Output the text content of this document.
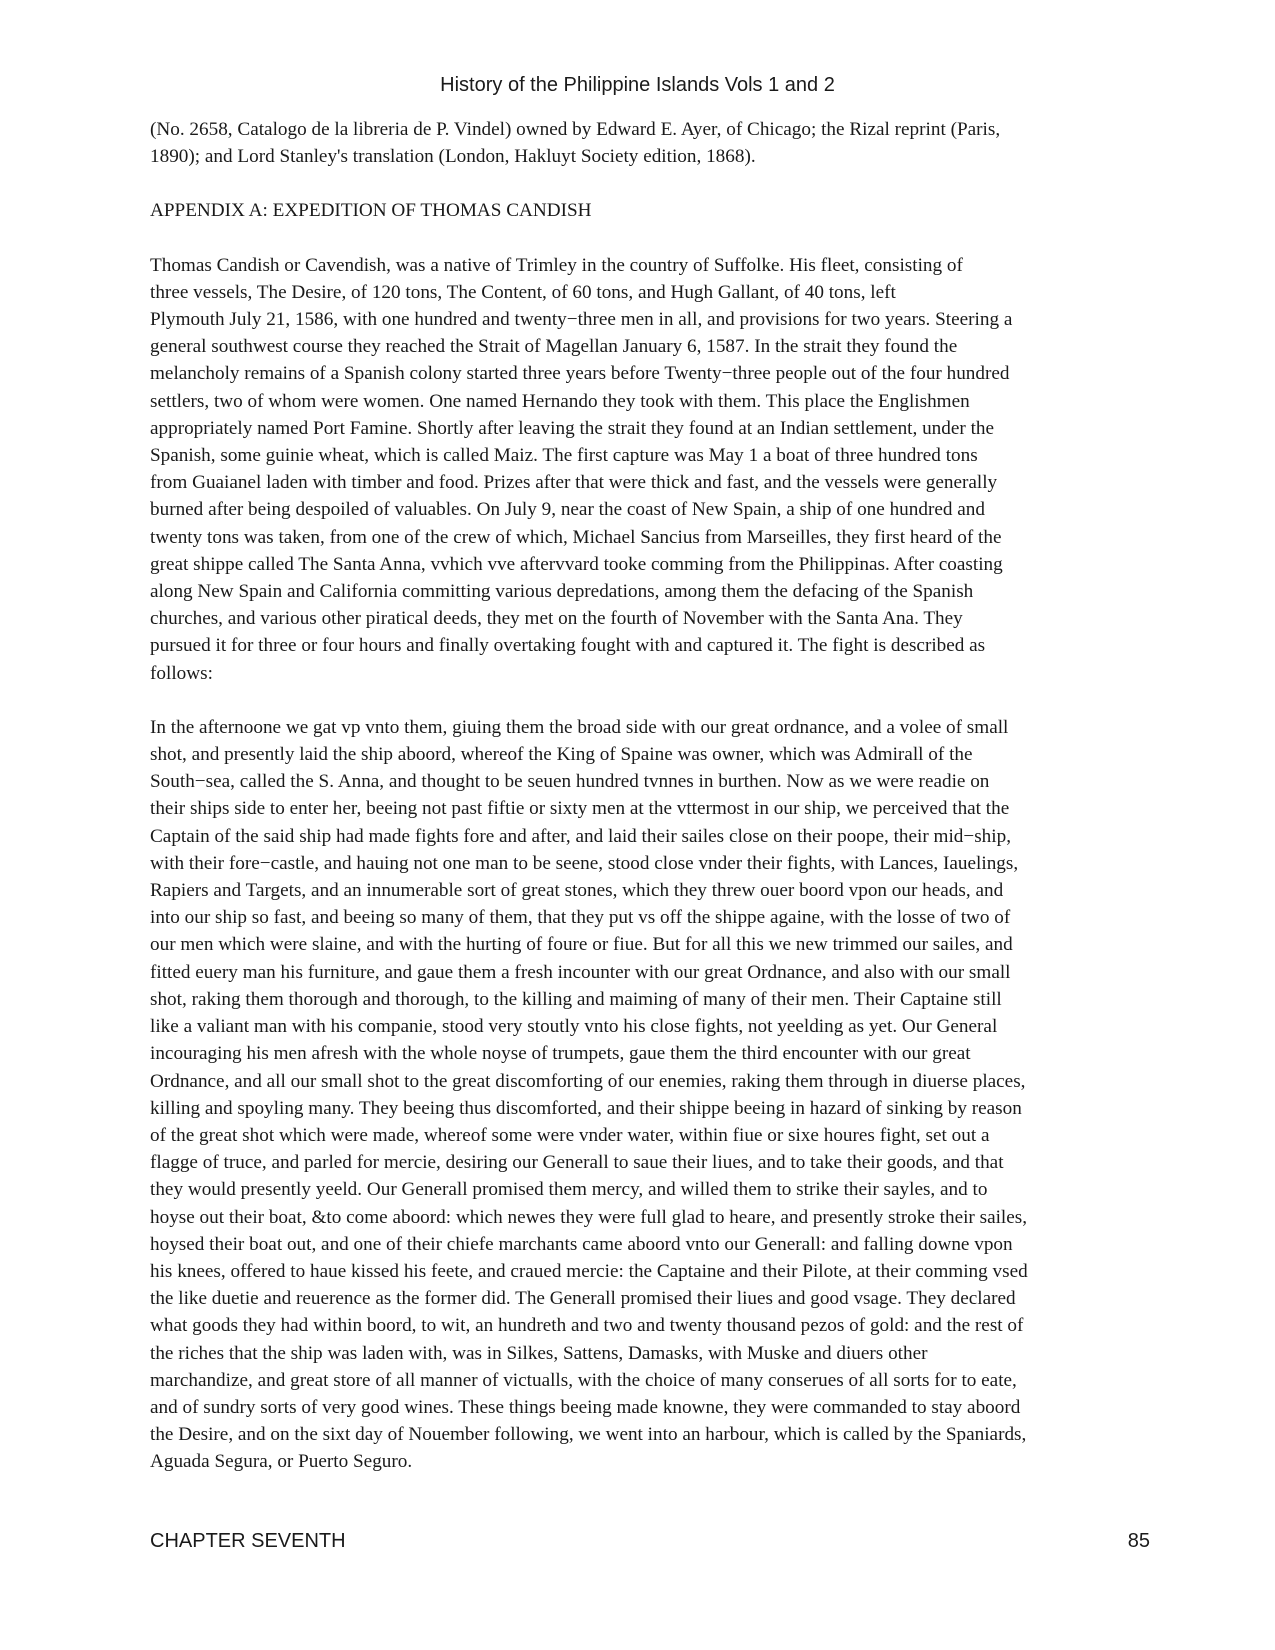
History of the Philippine Islands Vols 1 and 2

(No. 2658, Catalogo de la libreria de P. Vindel) owned by Edward E. Ayer, of Chicago; the Rizal reprint (Paris,
1890); and Lord Stanley's translation (London, Hakluyt Society edition, 1868).

APPENDIX A: EXPEDITION OF THOMAS CANDISH

Thomas Candish or Cavendish, was a native of Trimley in the country of Suffolke. His fleet, consisting of
three vessels, The Desire, of 120 tons, The Content, of 60 tons, and Hugh Gallant, of 40 tons, left
Plymouth July 21, 1586, with one hundred and twenty−three men in all, and provisions for two years. Steering a
general southwest course they reached the Strait of Magellan January 6, 1587. In the strait they found the
melancholy remains of a Spanish colony started three years before Twenty−three people out of the four hundred
settlers, two of whom were women. One named Hernando they took with them. This place the Englishmen
appropriately named Port Famine. Shortly after leaving the strait they found at an Indian settlement, under the
Spanish, some guinie wheat, which is called Maiz. The first capture was May 1 a boat of three hundred tons
from Guaianel laden with timber and food. Prizes after that were thick and fast, and the vessels were generally
burned after being despoiled of valuables. On July 9, near the coast of New Spain, a ship of one hundred and
twenty tons was taken, from one of the crew of which, Michael Sancius from Marseilles, they first heard of the
great shippe called The Santa Anna, vvhich vve aftervvard tooke comming from the Philippinas. After coasting
along New Spain and California committing various depredations, among them the defacing of the Spanish
churches, and various other piratical deeds, they met on the fourth of November with the Santa Ana. They
pursued it for three or four hours and finally overtaking fought with and captured it. The fight is described as
follows:

In the afternoone we gat vp vnto them, giuing them the broad side with our great ordnance, and a volee of small
shot, and presently laid the ship aboord, whereof the King of Spaine was owner, which was Admirall of the
South−sea, called the S. Anna, and thought to be seuen hundred tvnnes in burthen. Now as we were readie on
their ships side to enter her, beeing not past fiftie or sixty men at the vttermost in our ship, we perceived that the
Captain of the said ship had made fights fore and after, and laid their sailes close on their poope, their mid−ship,
with their fore−castle, and hauing not one man to be seene, stood close vnder their fights, with Lances, Iauelings,
Rapiers and Targets, and an innumerable sort of great stones, which they threw ouer boord vpon our heads, and
into our ship so fast, and beeing so many of them, that they put vs off the shippe againe, with the losse of two of
our men which were slaine, and with the hurting of foure or fiue. But for all this we new trimmed our sailes, and
fitted euery man his furniture, and gaue them a fresh incounter with our great Ordnance, and also with our small
shot, raking them thorough and thorough, to the killing and maiming of many of their men. Their Captaine still
like a valiant man with his companie, stood very stoutly vnto his close fights, not yeelding as yet. Our General
incouraging his men afresh with the whole noyse of trumpets, gaue them the third encounter with our great
Ordnance, and all our small shot to the great discomforting of our enemies, raking them through in diuerse places,
killing and spoyling many. They beeing thus discomforted, and their shippe beeing in hazard of sinking by reason
of the great shot which were made, whereof some were vnder water, within fiue or sixe houres fight, set out a
flagge of truce, and parled for mercie, desiring our Generall to saue their liues, and to take their goods, and that
they would presently yeeld. Our Generall promised them mercy, and willed them to strike their sayles, and to
hoyse out their boat, &to come aboord: which newes they were full glad to heare, and presently stroke their sailes,
hoysed their boat out, and one of their chiefe marchants came aboord vnto our Generall: and falling downe vpon
his knees, offered to haue kissed his feete, and craued mercie: the Captaine and their Pilote, at their comming vsed
the like duetie and reuerence as the former did. The Generall promised their liues and good vsage. They declared
what goods they had within boord, to wit, an hundreth and two and twenty thousand pezos of gold: and the rest of
the riches that the ship was laden with, was in Silkes, Sattens, Damasks, with Muske and diuers other
marchandize, and great store of all manner of victualls, with the choice of many conserues of all sorts for to eate,
and of sundry sorts of very good wines. These things beeing made knowne, they were commanded to stay aboord
the Desire, and on the sixt day of Nouember following, we went into an harbour, which is called by the Spaniards,
Aguada Segura, or Puerto Seguro.

CHAPTER SEVENTH	85
